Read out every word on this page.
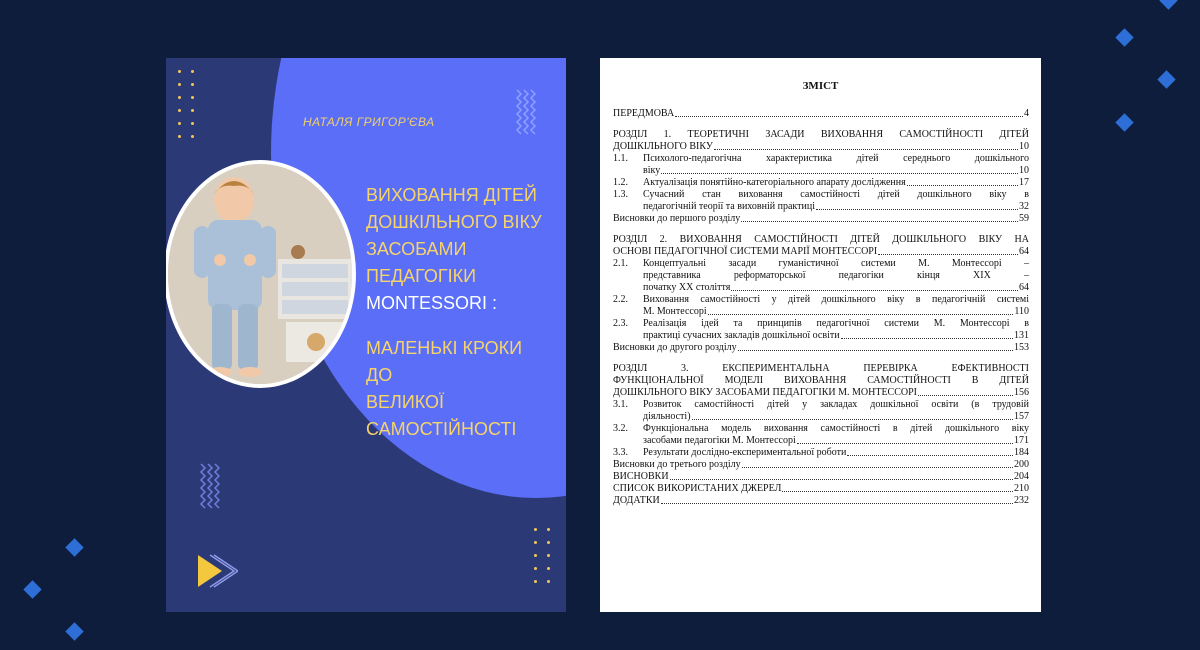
НАТАЛЯ ГРИГОР'ЄВА
ВИХОВАННЯ ДІТЕЙ
ДОШКІЛЬНОГО ВІКУ
ЗАСОБАМИ
ПЕДАГОГІКИ
MONTESSORI :
МАЛЕНЬКІ КРОКИ ДО
ВЕЛИКОЇ
САМОСТІЙНОСТІ
ЗМІСТ
ПЕРЕДМОВА	4
РОЗДІЛ 1. ТЕОРЕТИЧНІ ЗАСАДИ ВИХОВАННЯ САМОСТІЙНОСТІ ДІТЕЙ
ДОШКІЛЬНОГО ВІКУ	10
1.1.	Психолого-педагогічна характеристика дітей середнього дошкільного
віку	10
1.2.	Актуалізація понятійно-категоріального апарату дослідження	17
1.3.	Сучасний стан виховання самостійності дітей дошкільного віку в
педагогічній теорії та виховній практиці	32
Висновки до першого розділу	59
РОЗДІЛ 2. ВИХОВАННЯ САМОСТІЙНОСТІ ДІТЕЙ ДОШКІЛЬНОГО ВІКУ НА
ОСНОВІ ПЕДАГОГІЧНОЇ СИСТЕМИ МАРІЇ МОНТЕССОРІ	64
2.1.	Концептуальні засади гуманістичної системи М. Монтессорі –
представника реформаторської педагогіки кінця XIX –
початку XX століття	64
2.2.	Виховання самостійності у дітей дошкільного віку в педагогічній системі
М. Монтессорі	110
2.3.	Реалізація ідей та принципів педагогічної системи М. Монтессорі в
практиці сучасних закладів дошкільної освіти	131
Висновки до другого розділу	153
РОЗДІЛ 3. ЕКСПЕРИМЕНТАЛЬНА ПЕРЕВІРКА ЕФЕКТИВНОСТІ
ФУНКЦІОНАЛЬНОЇ МОДЕЛІ ВИХОВАННЯ САМОСТІЙНОСТІ В ДІТЕЙ
ДОШКІЛЬНОГО ВІКУ ЗАСОБАМИ ПЕДАГОГІКИ М. МОНТЕССОРІ	156
3.1.	Розвиток самостійності дітей у закладах дошкільної освіти (в трудовій
діяльності)	157
3.2.	Функціональна модель виховання самостійності в дітей дошкільного віку
засобами педагогіки М. Монтессорі	171
3.3.	Результати дослідно-експериментальної роботи	184
Висновки до третього розділу	200
ВИСНОВКИ	204
СПИСОК ВИКОРИСТАНИХ ДЖЕРЕЛ	210
ДОДАТКИ	232
